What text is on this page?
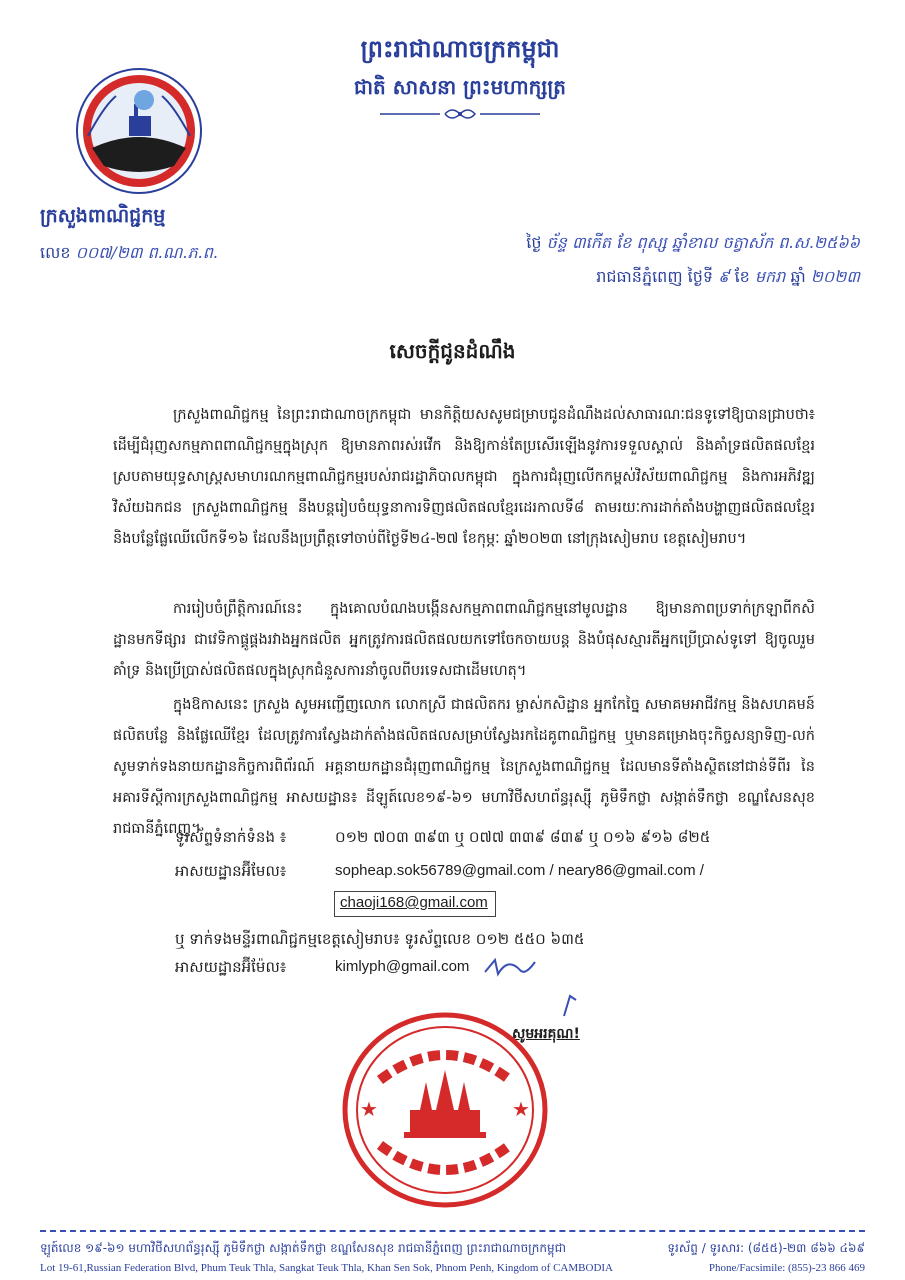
ព្រះរាជាណាចក្រកម្ពុជា
ជាតិ សាសនា ព្រះមហាក្សត្រ
ក្រសួងពាណិជ្ជកម្ម
លេខ ០០៧/២៣ ព.ណ.ភ.ព.
ថ្ងៃ ច័ន្ទ ៣កើត ខែ ពុស្ស ឆ្នាំខាល ចត្វាស័ក ព.ស.២៥៦៦
រាជធានីភ្នំពេញ ថ្ងៃទី ៩ ខែ មករា ឆ្នាំ ២០២៣
សេចក្ដីជូនដំណឹង
ក្រសួងពាណិជ្ជកម្ម នៃព្រះរាជាណាចក្រកម្ពុជា មានកិត្តិយសសូមជម្រាបជូនដំណឹងដល់សាធារណៈជនទូទៅឱ្យបានជ្រាបថា៖ ដើម្បីជំរុញសកម្មភាពពាណិជ្ជកម្មក្នុងស្រុក ឱ្យមានភាពរស់រវើក និងឱ្យកាន់តែប្រសើរឡើងនូវការទទួលស្គាល់ និងគាំទ្រផលិតផលខ្មែរ ស្របតាមយុទ្ធសាស្ត្រសមាហរណកម្មពាណិជ្ជកម្មរបស់រាជរដ្ឋាភិបាលកម្ពុជា ក្នុងការជំរុញលើកកម្ពស់វិស័យពាណិជ្ជកម្ម និងការអភិវឌ្ឍវិស័យឯកជន ក្រសួងពាណិជ្ជកម្ម នឹងបន្តរៀបចំយុទ្ធនាការទិញផលិតផលខ្មែរដេរកាលទី៨ តាមរយៈការដាក់តាំងបង្ហាញផលិតផលខ្មែរ និងបន្លែផ្លែឈើលើកទី១៦ ដែលនឹងប្រព្រឹត្តទៅចាប់ពីថ្ងៃទី២៤-២៧ ខែកុម្ភៈ ឆ្នាំ២០២៣ នៅក្រុងសៀមរាប ខេត្តសៀមរាប។
ការរៀបចំព្រឹត្តិការណ៍នេះ ក្នុងគោលបំណងបង្កើនសកម្មភាពពាណិជ្ជកម្មនៅមូលដ្ឋាន ឱ្យមានភាពប្រទាក់ក្រឡាពីកសិដ្ឋានមកទីផ្សារ ជាវេទិកាផ្គូផ្គងរវាងអ្នកផលិត អ្នកត្រូវការផលិតផលយកទៅចែកចាយបន្ត និងបំផុសស្មារតីអ្នកប្រើប្រាស់ទូទៅ ឱ្យចូលរួមគាំទ្រ និងប្រើប្រាស់ផលិតផលក្នុងស្រុកជំនួសការនាំចូលពីបរទេសជាដើមហេតុ។
ក្នុងឱកាសនេះ ក្រសួង សូមអញ្ជើញលោក លោកស្រី ជាផលិតករ ម្ចាស់កសិដ្ឋាន អ្នកកែច្នៃ សមាគមអាជីវកម្ម និងសហគមន៍ផលិតបន្លែ និងផ្លែឈើខ្មែរ ដែលត្រូវការស្វែងដាក់តាំងផលិតផលសម្រាប់ស្វែងរកដៃគូពាណិជ្ជកម្ម ឬមានគម្រោងចុះកិច្ចសន្យាទិញ-លក់ សូមទាក់ទងនាយកដ្ឋានកិច្ចការពិព័រណ៍ អគ្គនាយកដ្ឋានជំរុញពាណិជ្ជកម្ម នៃក្រសួងពាណិជ្ជកម្ម ដែលមានទីតាំងស្ថិតនៅជាន់ទីពីរ នៃអគារទីស្តីការក្រសួងពាណិជ្ជកម្ម អាសយដ្ឋាន៖ ដីឡូត៍លេខ១៩-៦១ មហាវិថីសហព័ន្ធរុស្ស៊ី ភូមិទឹកថ្លា សង្កាត់ទឹកថ្លា ខណ្ឌសែនសុខ រាជធានីភ្នំពេញ។
ទូរស័ព្ទទំនាក់ទំនង ៖	០១២ ៧០៣ ៣៩៣ ឬ ០៧៧ ៣៣៩ ៨៣៩ ឬ ០១៦ ៩១៦ ៨២៥
អាសយដ្ឋានអ៊ីមែល៖	sopheap.sok56789@gmail.com / neary86@gmail.com /
chaoji168@gmail.com
ឬ ទាក់ទងមន្ទីរពាណិជ្ជកម្មខេត្តសៀមរាប៖ ទូរស័ព្ទលេខ ០១២ ៥៥០ ៦៣៥
អាសយដ្ឋានអ៊ីម៉ែល៖	kimlyph@gmail.com
សូមអរគុណ!
★	★
ឡូត៍លេខ ១៩-៦១ មហាវិថីសហព័ន្ធរុស្ស៊ី ភូមិទឹកថ្លា សង្កាត់ទឹកថ្លា ខណ្ឌសែនសុខ រាជធានីភ្នំពេញ ព្រះរាជាណាចក្រកម្ពុជា	ទូរស័ព្ទ / ទូរសារ: (៨៥៥)-២៣ ៨៦៦ ៤៦៩
Lot 19-61,Russian Federation Blvd, Phum Teuk Thla, Sangkat Teuk Thla, Khan Sen Sok, Phnom Penh, Kingdom of CAMBODIA	Phone/Facsimile: (855)-23 866 469
